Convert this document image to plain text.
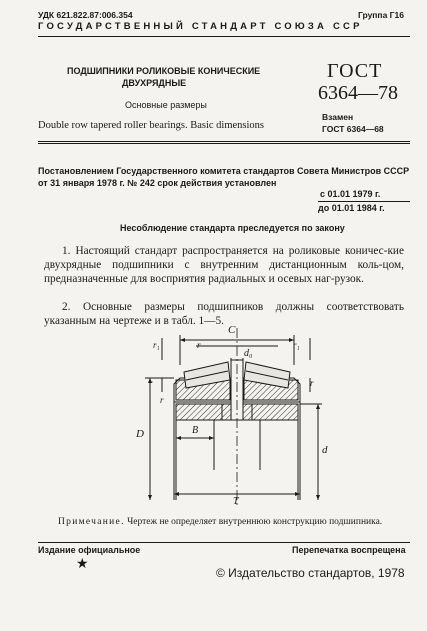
УДК 621.822.87:006.354	Группа Г16
ГОСУДАРСТВЕННЫЙ СТАНДАРТ СОЮЗА ССР
ПОДШИПНИКИ РОЛИКОВЫЕ КОНИЧЕСКИЕ
ДВУХРЯДНЫЕ
Основные размеры
Double row tapered roller bearings. Basic dimensions
ГОСТ
6364—78
Взамен
ГОСТ 6364—68
Постановлением Государственного комитета стандартов Совета Министров СССР
от 31 января 1978 г. № 242 срок действия установлен
с 01.01 1979 г.
до 01.01 1984 г.
Несоблюдение стандарта преследуется по закону
1. Настоящий стандарт распространяется на роликовые коничес-кие двухрядные подшипники с внутренним дистанционным коль-цом, предназначенные для восприятия радиальных и осевых наг-рузок.
2. Основные размеры подшипников должны соответствовать указанным на чертеже и в табл. 1—5.
C
d₀
r₁	r₁
r
r	r
r
D
d
B
T
Примечание. Чертеж не определяет внутреннюю конструкцию подшипника.
Издание официальное
★
Перепечатка воспрещена
© Издательство стандартов, 1978
